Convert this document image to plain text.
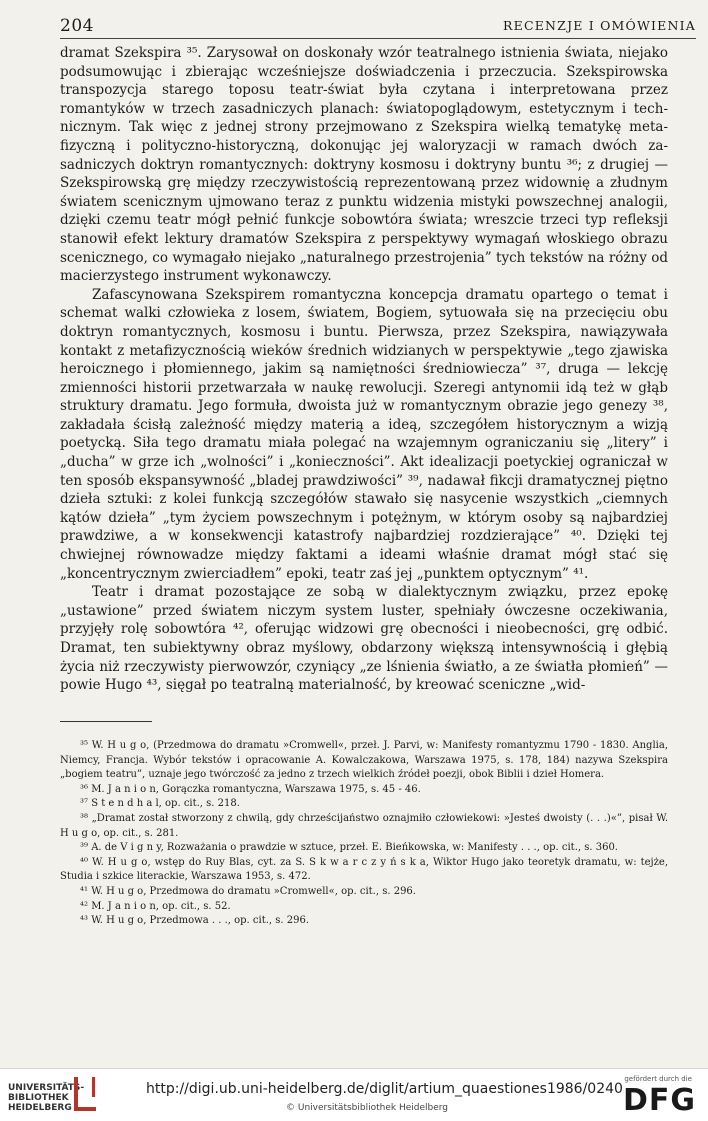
204	RECENZJE I OMÓWIENIA

dramat Szekspira ³⁵. Zarysował on doskonały wzór teatralnego istnienia świata, niejako podsumowując i zbierając wcześniejsze doświadczenia i przeczucia. Szekspirowska transpozycja starego toposu teatr-świat była czytana i interpretowana przez romantyków w trzech zasadniczych planach: światopoglądowym, estetycznym i technicznym. Tak więc z jednej strony przejmowano z Szekspira wielką tematykę metafizyczną i polityczno-historyczną, dokonując jej waloryzacji w ramach dwóch zasadniczych doktryn romantycznych: doktryny kosmosu i doktryny buntu ³⁶; z drugiej — Szekspirowską grę między rzeczywistością reprezentowaną przez widownię a złudnym światem scenicznym ujmowano teraz z punktu widzenia mistyki powszechnej analogii, dzięki czemu teatr mógł pełnić funkcje sobowtóra świata; wreszcie trzeci typ refleksji stanowił efekt lektury dramatów Szekspira z perspektywy wymagań włoskiego obrazu scenicznego, co wymagało niejako „naturalnego przestrojenia” tych tekstów na różny od macierzystego instrument wykonawczy.

Zafascynowana Szekspirem romantyczna koncepcja dramatu opartego o temat i schemat walki człowieka z losem, światem, Bogiem, sytuowała się na przecięciu obu doktryn romantycznych, kosmosu i buntu. Pierwsza, przez Szekspira, nawiązywała kontakt z metafizycznością wieków średnich widzianych w perspektywie „tego zjawiska heroicznego i płomiennego, jakim są namiętności średniowiecza” ³⁷, druga — lekcję zmienności historii przetwarzała w naukę rewolucji. Szeregi antynomii idą też w głąb struktury dramatu. Jego formuła, dwoista już w romantycznym obrazie jego genezy ³⁸, zakładała ścisłą zależność między materią a ideą, szczegółem historycznym a wizją poetycką. Siła tego dramatu miała polegać na wzajemnym ograniczaniu się „litery” i „ducha” w grze ich „wolności” i „konieczności”. Akt idealizacji poetyckiej ograniczał w ten sposób ekspansywność „bladej prawdziwości” ³⁹, nadawał fikcji dramatycznej piętno dzieła sztuki: z kolei funkcją szczegółów stawało się nasycenie wszystkich „ciemnych kątów dzieła” „tym życiem powszechnym i potężnym, w którym osoby są najbardziej prawdziwe, a w konsekwencji katastrofy najbardziej rozdzierające” ⁴⁰. Dzięki tej chwiejnej równowadze między faktami a ideami właśnie dramat mógł stać się „koncentrycznym zwierciadłem” epoki, teatr zaś jej „punktem optycznym” ⁴¹.

Teatr i dramat pozostające ze sobą w dialektycznym związku, przez epokę „ustawione” przed światem niczym system luster, spełniały ówczesne oczekiwania, przyjęły rolę sobowtóra ⁴², oferując widzowi grę obecności i nieobecności, grę odbić. Dramat, ten subiektywny obraz myślowy, obdarzony większą intensywnością i głębią życia niż rzeczywisty pierwowzór, czyniący „ze lśnienia światło, a ze światła płomień” — powie Hugo ⁴³, sięgał po teatralną materialność, by kreować sceniczne „wid-

³⁵ W. H u g o, (Przedmowa do dramatu »Cromwell«, przeł. J. Parvi, w: Manifesty romantyzmu 1790 - 1830. Anglia, Niemcy, Francja. Wybór tekstów i opracowanie A. Kowalczakowa, Warszawa 1975, s. 178, 184) nazywa Szekspira „bogiem teatru”, uznaje jego twórczość za jedno z trzech wielkich źródeł poezji, obok Biblii i dzieł Homera.

³⁶ M. J a n i o n, Gorączka romantyczna, Warszawa 1975, s. 45 - 46.

³⁷ S t e n d h a l, op. cit., s. 218.

³⁸ „Dramat został stworzony z chwilą, gdy chrześcijaństwo oznajmiło człowiekowi: »Jesteś dwoisty (. . .)«”, pisał W. H u g o, op. cit., s. 281.

³⁹ A. de V i g n y, Rozważania o prawdzie w sztuce, przeł. E. Bieńkowska, w: Manifesty . . ., op. cit., s. 360.

⁴⁰ W. H u g o, wstęp do Ruy Blas, cyt. za S. S k w a r c z y ń s k a, Wiktor Hugo jako teoretyk dramatu, w: tejże, Studia i szkice literackie, Warszawa 1953, s. 472.

⁴¹ W. H u g o, Przedmowa do dramatu »Cromwell«, op. cit., s. 296.

⁴² M. J a n i o n, op. cit., s. 52.

⁴³ W. H u g o, Przedmowa . . ., op. cit., s. 296.

UNIVERSITÄTS-
BIBLIOTHEK
HEIDELBERG
http://digi.ub.uni-heidelberg.de/diglit/artium_quaestiones1986/0240
© Universitätsbibliothek Heidelberg
gefördert durch die
DFG
